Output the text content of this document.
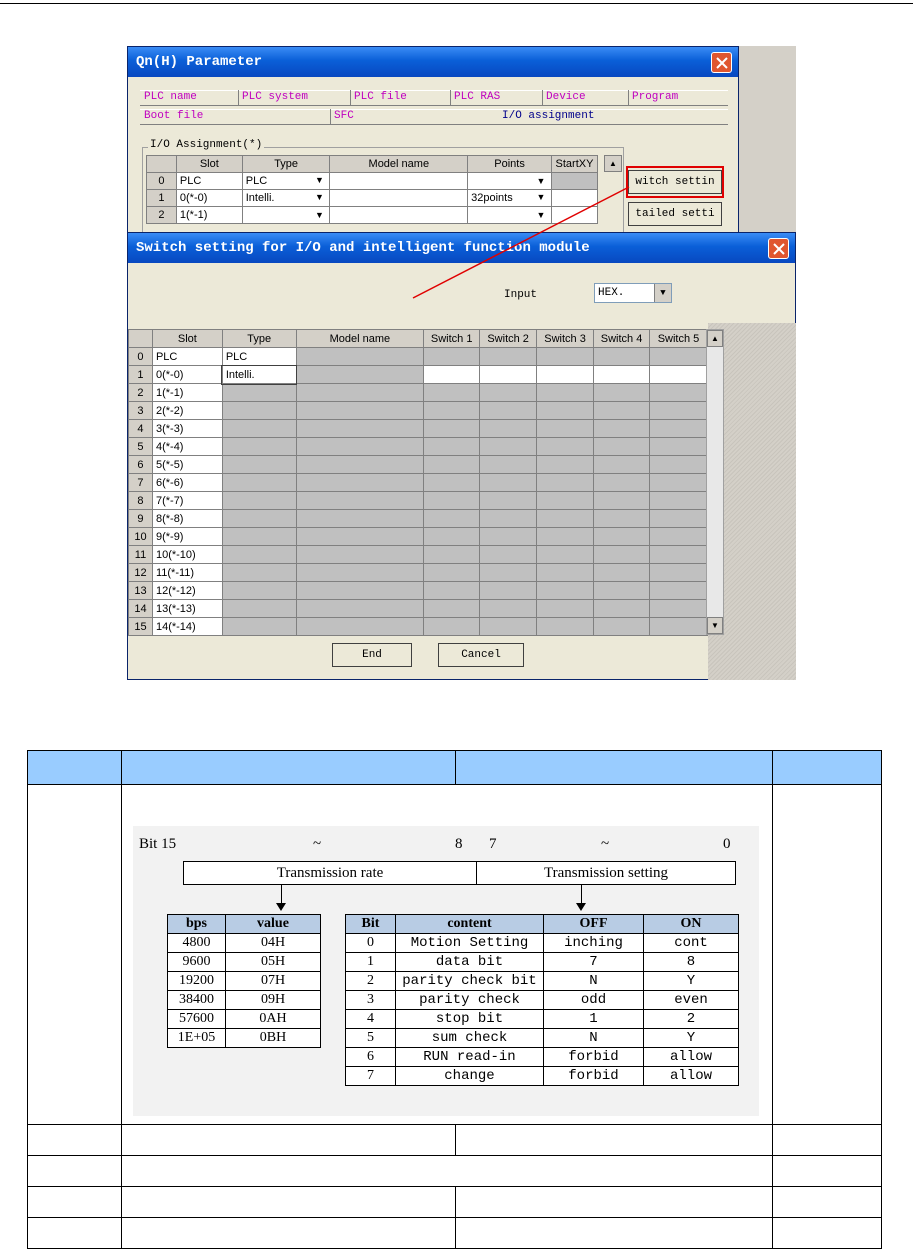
Qn(H) Parameter
PLC name	PLC system	PLC file	PLC RAS	Device	Program
Boot file	SFC	I/O assignment
I/O Assignment(*)
	Slot	Type	Model name	Points	StartXY
0	PLC	PLC ▼		▼	

1	0(*-0)	Intelli. ▼		32points ▼	

2	1(*-1)	▼		▼	

▲
witch settin
tailed setti
Switch setting for I/O and intelligent function module
Input	HEX.	▼
	Slot	Type	Model name	Switch 1	Switch 2	Switch 3	Switch 4	Switch 5
0	PLC	PLC						
1	0(*-0)	Intelli.						
2	1(*-1)							
3	2(*-2)							
4	3(*-3)							
5	4(*-4)							
6	5(*-5)							
7	6(*-6)							
8	7(*-7)							
9	8(*-8)							
10	9(*-9)							
11	10(*-10)							
12	11(*-11)							
13	12(*-12)							
14	13(*-13)							
15	14(*-14)							
▲
▼
End	Cancel

Bit 15	~	8 7	~	0
Transmission rate	Transmission setting
bps	value
4800	04H
9600	05H
19200	07H
38400	09H
57600	0AH
1E+05	0BH
Bit	content	OFF	ON
0	Motion Setting	inching	cont
1	data bit	7	8
2	parity check bit	N	Y
3	parity check	odd	even
4	stop bit	1	2
5	sum check	N	Y
6	RUN read-in	forbid	allow
7	change	forbid	allow
